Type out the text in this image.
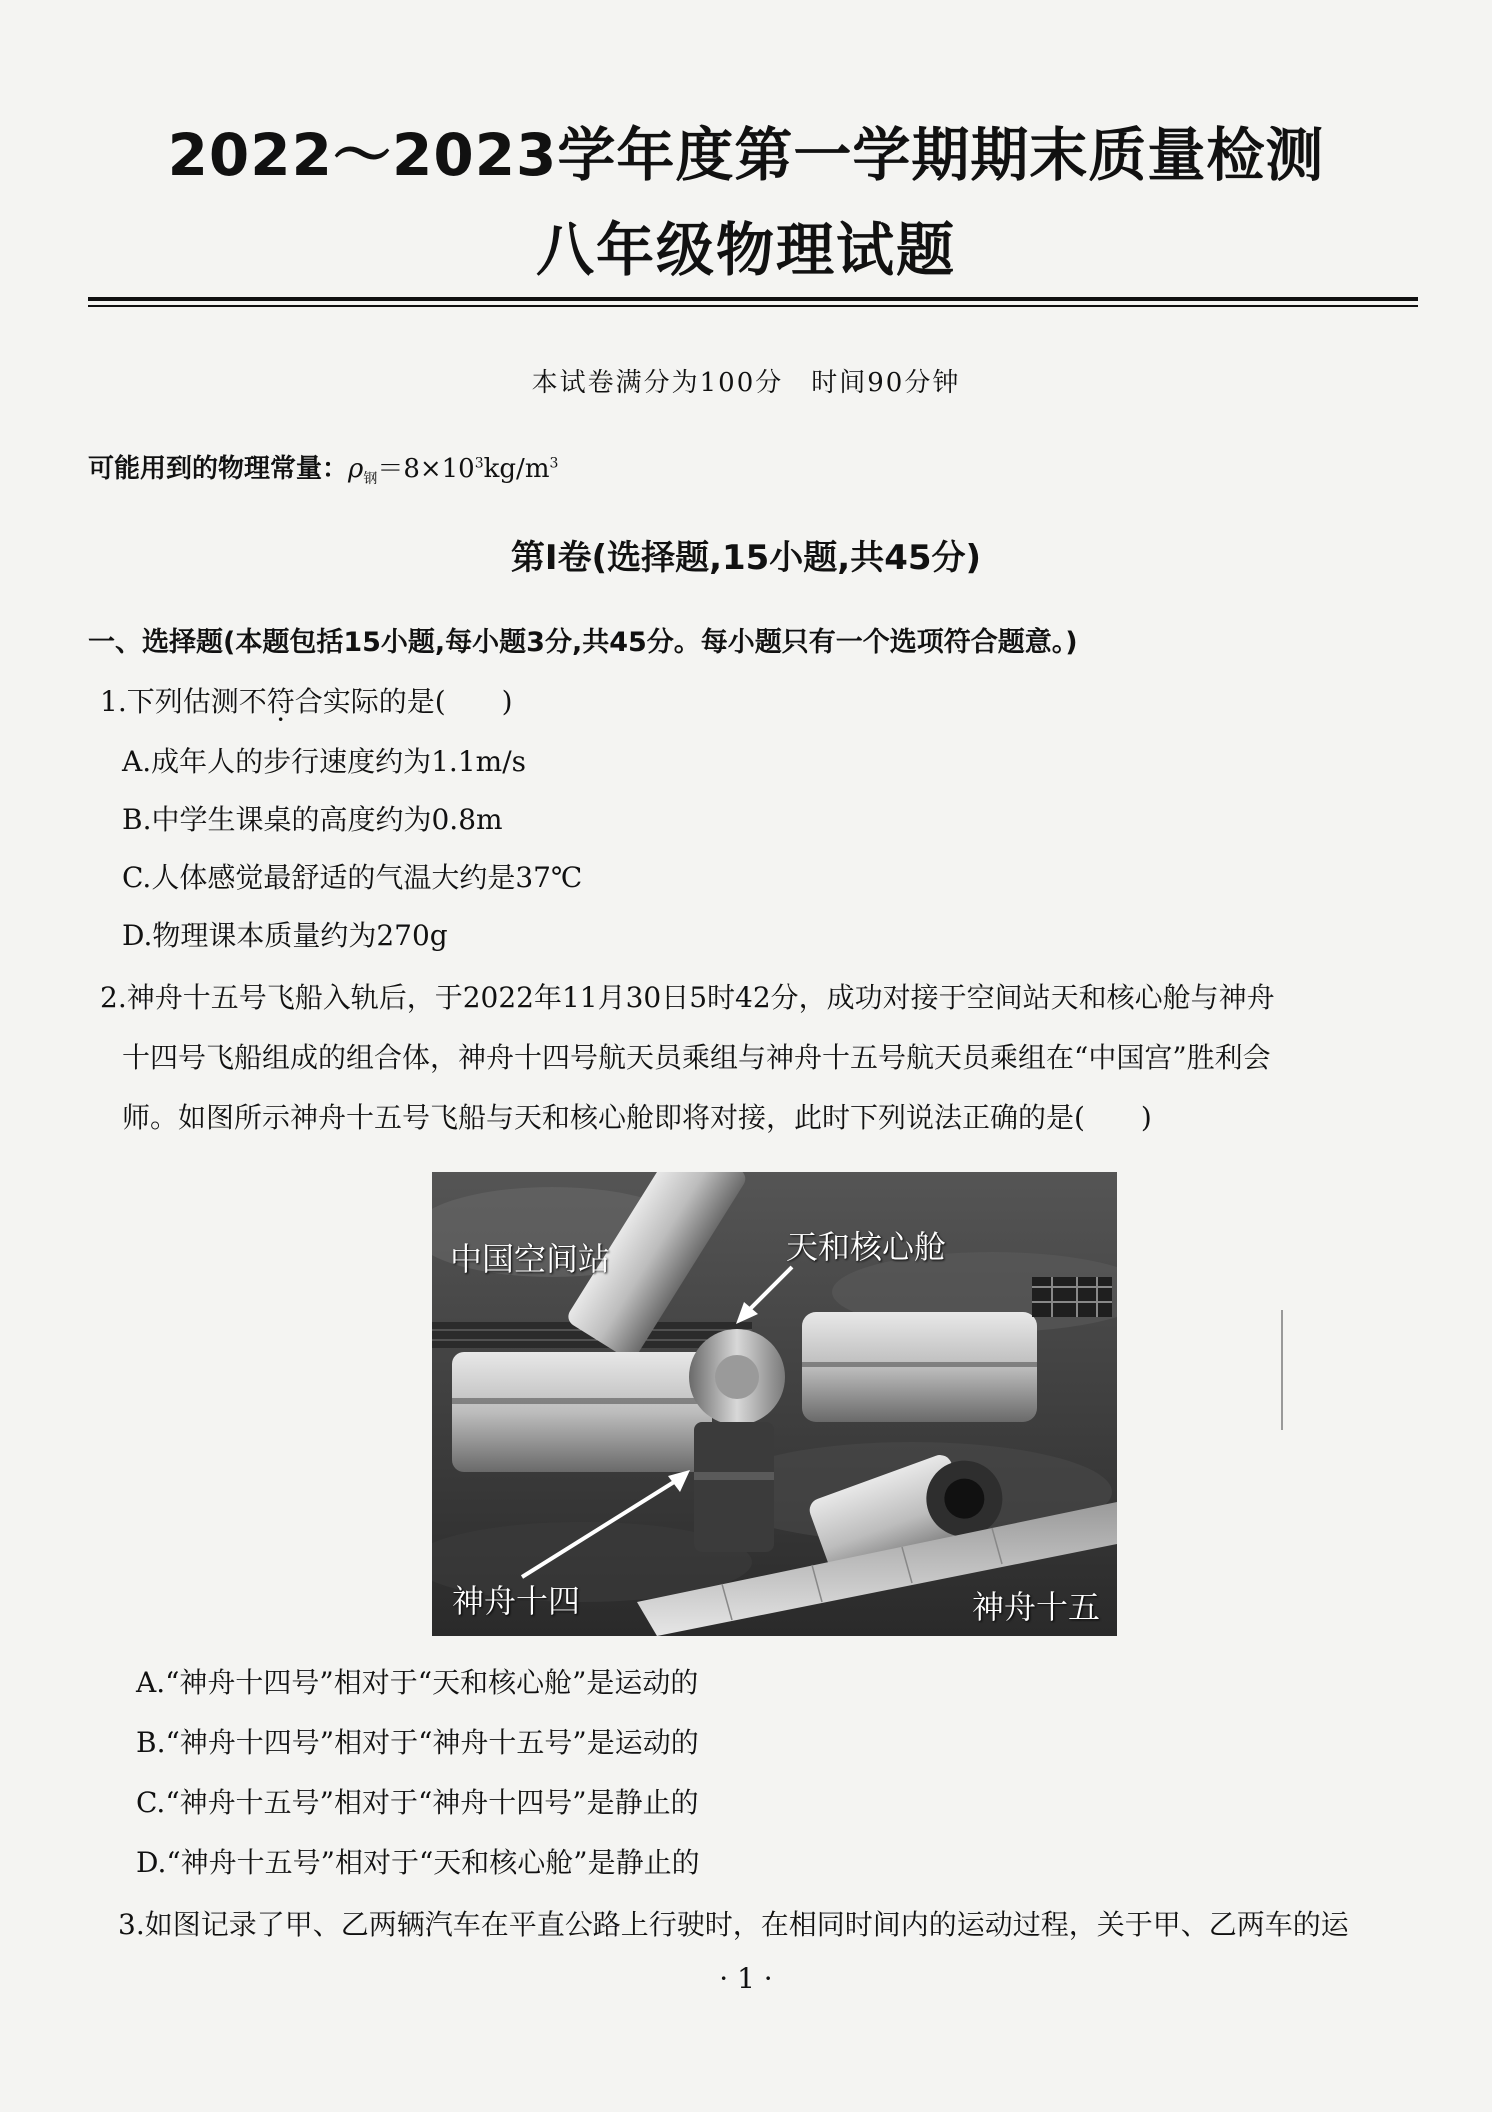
2022～2023学年度第一学期期末质量检测
八年级物理试题
本试卷满分为100分　时间90分钟
可能用到的物理常量：$\rho_钢=8\times 10^3kg/m^3$
第Ⅰ卷(选择题,15小题,共45分)
一、选择题(本题包括15小题,每小题3分,共45分。每小题只有一个选项符合题意。)
1.下列估测不符合实际的是(　　)
A.成年人的步行速度约为1.1m/s
B.中学生课桌的高度约为0.8m
C.人体感觉最舒适的气温大约是37℃
D.物理课本质量约为270g
2.神舟十五号飞船入轨后，于2022年11月30日5时42分，成功对接于空间站天和核心舱与神舟
十四号飞船组成的组合体，神舟十四号航天员乘组与神舟十五号航天员乘组在“中国宫”胜利会
师。如图所示神舟十五号飞船与天和核心舱即将对接，此时下列说法正确的是(　　)
中国空间站	天和核心舱
神舟十四	神舟十五
A.“神舟十四号”相对于“天和核心舱”是运动的
B.“神舟十四号”相对于“神舟十五号”是运动的
C.“神舟十五号”相对于“神舟十四号”是静止的
D.“神舟十五号”相对于“天和核心舱”是静止的
3.如图记录了甲、乙两辆汽车在平直公路上行驶时，在相同时间内的运动过程，关于甲、乙两车的运
· 1 ·
